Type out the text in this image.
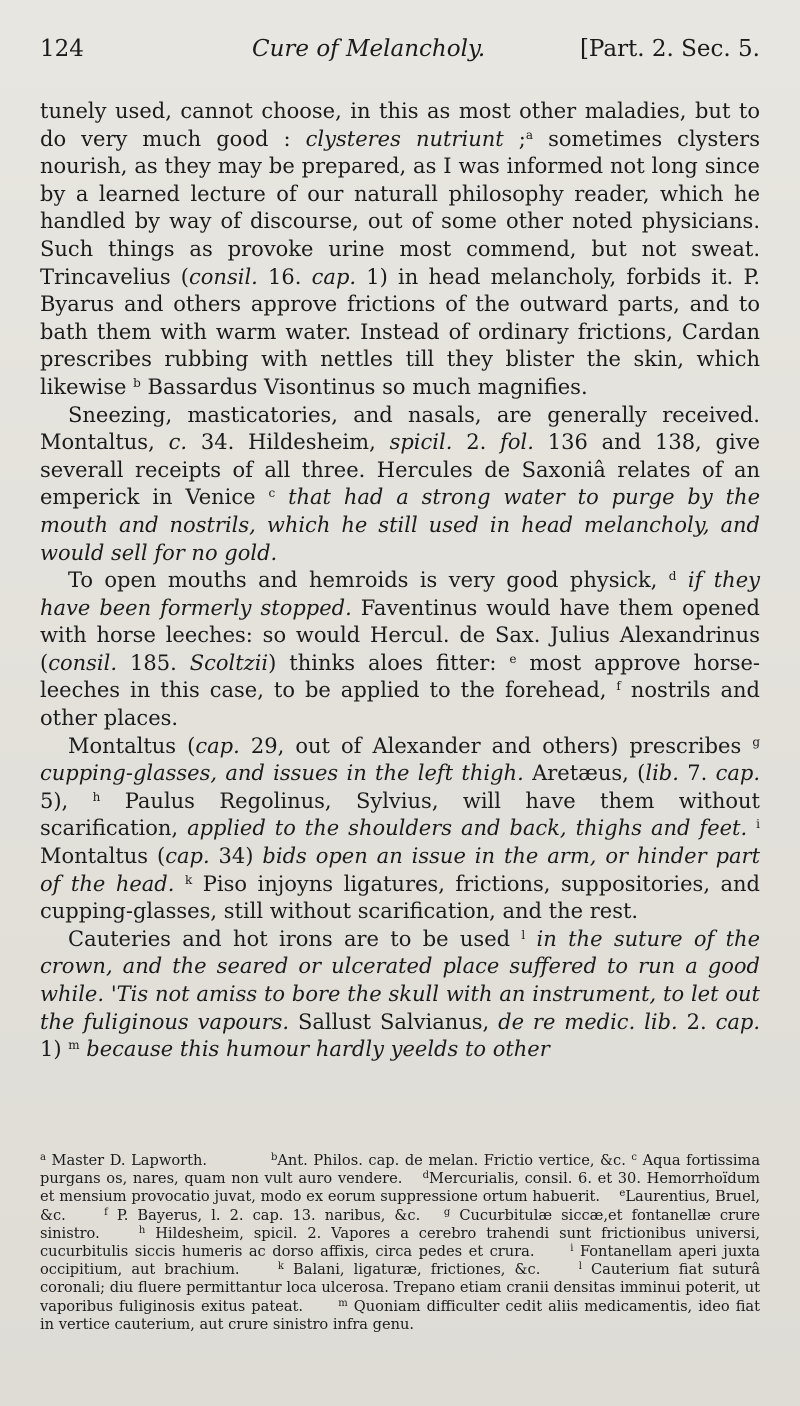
124	Cure of Melancholy.	[Part. 2. Sec. 5.

tunely used, cannot choose, in this as most other maladies, but to do very much good : clysteres nutriunt ;$^a$ sometimes clysters nourish, as they may be prepared, as I was informed not long since by a learned lecture of our naturall philosophy reader, which he handled by way of discourse, out of some other noted physicians. Such things as provoke urine most commend, but not sweat. Trincavelius (consil. 16. cap. 1) in head melancholy, forbids it. P. Byarus and others approve frictions of the outward parts, and to bath them with warm water. Instead of ordinary frictions, Cardan prescribes rubbing with nettles till they blister the skin, which likewise $^b$ Bassardus Visontinus so much magnifies.

Sneezing, masticatories, and nasals, are generally received. Montaltus, c. 34. Hildesheim, spicil. 2. fol. 136 and 138, give severall receipts of all three. Hercules de Saxoniâ relates of an emperick in Venice $^c$ that had a strong water to purge by the mouth and nostrils, which he still used in head melancholy, and would sell for no gold.

To open mouths and hemroids is very good physick, $^d$ if they have been formerly stopped. Faventinus would have them opened with horse leeches: so would Hercul. de Sax. Julius Alexandrinus (consil. 185. Scoltzii) thinks aloes fitter: $^e$ most approve horse-leeches in this case, to be applied to the forehead, $^f$ nostrils and other places.

Montaltus (cap. 29, out of Alexander and others) prescribes $^g$ cupping-glasses, and issues in the left thigh. Aretæus, (lib. 7. cap. 5), $^h$ Paulus Regolinus, Sylvius, will have them without scarification, applied to the shoulders and back, thighs and feet. $^i$ Montaltus (cap. 34) bids open an issue in the arm, or hinder part of the head. $^k$ Piso injoyns ligatures, frictions, suppositories, and cupping-glasses, still without scarification, and the rest.

Cauteries and hot irons are to be used $^l$ in the suture of the crown, and the seared or ulcerated place suffered to run a good while. 'Tis not amiss to bore the skull with an instrument, to let out the fuliginous vapours. Sallust Salvianus, de re medic. lib. 2. cap. 1) $^m$ because this humour hardly yeelds to other

$^a$ Master D. Lapworth.    	$^b$Ant. Philos. cap. de melan. Frictio vertice, &c. $^c$ Aqua fortissima purgans os, nares, quam non vult auro vendere.  $^d$Mercurialis, consil. 6. et 30. Hemorrhoïdum et mensium provocatio juvat, modo ex eorum suppressione ortum habuerit.  $^e$Laurentius, Bruel, &c.  	$^f$ P. Bayerus, l. 2. cap. 13. naribus, &c.  $^g$ Cucurbitulæ siccæ,et fontanellæ crure sinistro.  	$^h$ Hildesheim, spicil. 2. Vapores a cerebro trahendi sunt frictionibus universi, cucurbitulis siccis humeris ac dorso affixis, circa pedes et crura.  	$^i$ Fontanellam aperi juxta occipitium, aut brachium.  	$^k$ Balani, ligaturæ, frictiones, &c.  	$^l$ Cauterium fiat suturâ coronali; diu fluere permittantur loca ulcerosa. Trepano etiam cranii densitas imminui poterit, ut vaporibus fuliginosis exitus pateat.  	$^m$ Quoniam difficulter cedit aliis medicamentis, ideo fiat in vertice cauterium, aut crure sinistro infra genu.
